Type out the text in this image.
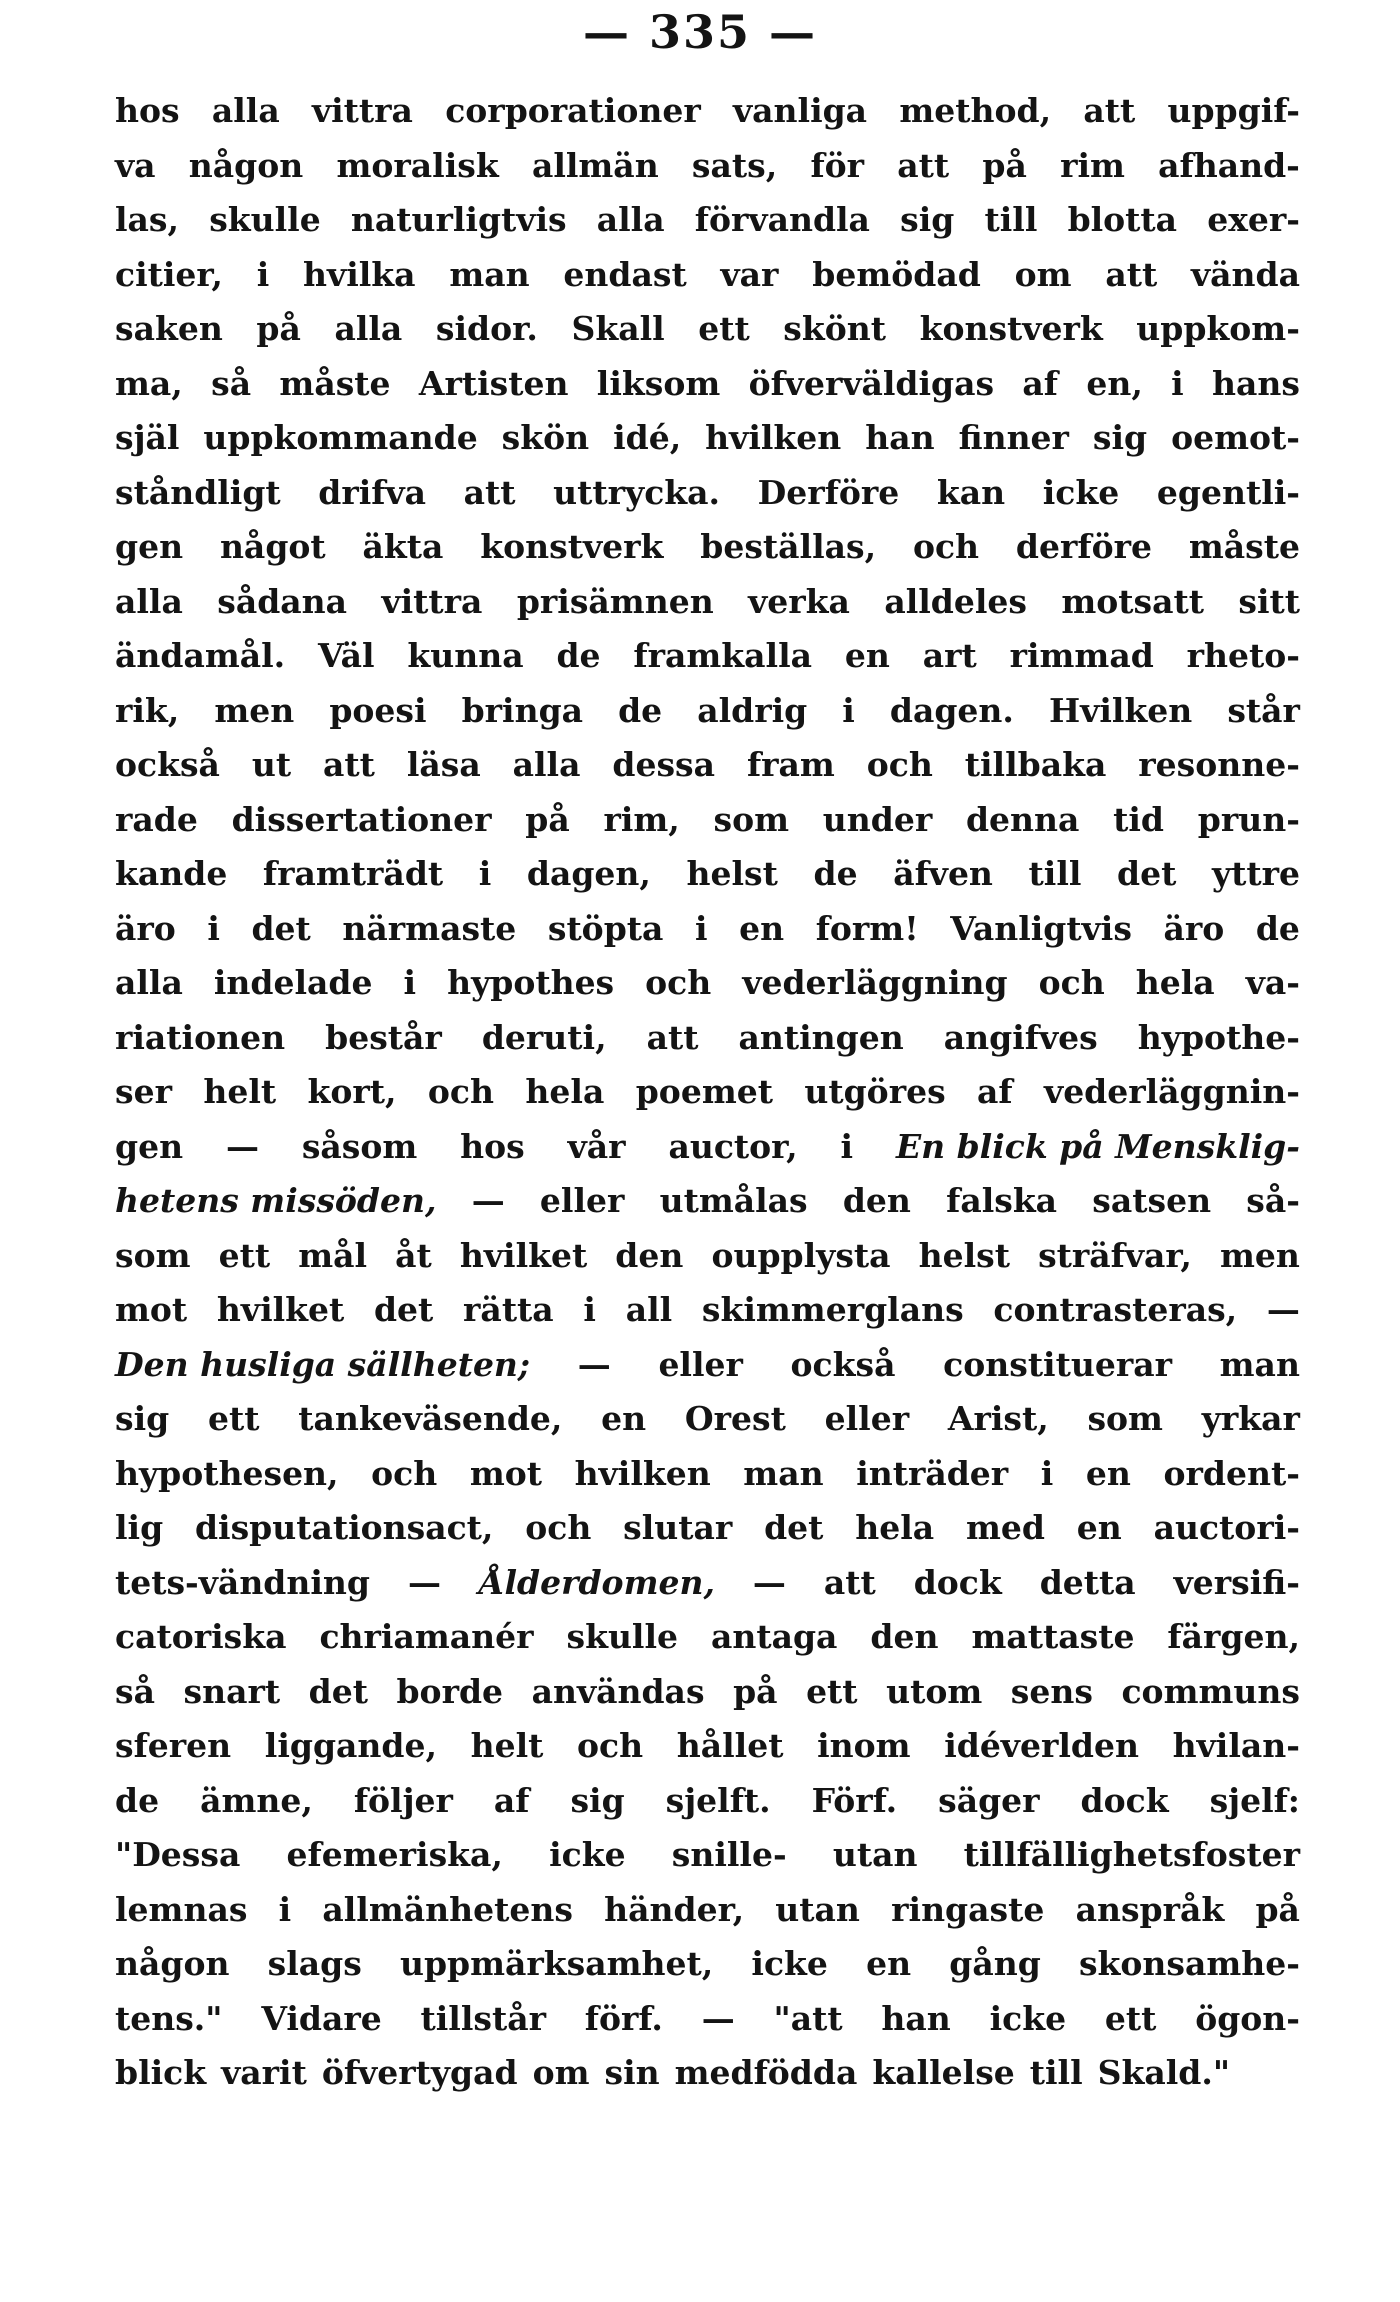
— 335 —
hos alla vittra corporationer vanliga method, att uppgif-
va någon moralisk allmän sats, för att på rim afhand-
las, skulle naturligtvis alla förvandla sig till blotta exer-
citier, i hvilka man endast var bemödad om att vända
saken på alla sidor. Skall ett skönt konstverk uppkom-
ma, så måste Artisten liksom öfverväldigas af en, i hans
själ uppkommande skön idé, hvilken han finner sig oemot-
ståndligt drifva att uttrycka. Derföre kan icke egentli-
gen något äkta konstverk beställas, och derföre måste
alla sådana vittra prisämnen verka alldeles motsatt sitt
ändamål. Väl kunna de framkalla en art rimmad rheto-
rik, men poesi bringa de aldrig i dagen. Hvilken står
också ut att läsa alla dessa fram och tillbaka resonne-
rade dissertationer på rim, som under denna tid prun-
kande framträdt i dagen, helst de äfven till det yttre
äro i det närmaste stöpta i en form! Vanligtvis äro de
alla indelade i hypothes och vederläggning och hela va-
riationen består deruti, att antingen angifves hypothe-
ser helt kort, och hela poemet utgöres af vederläggnin-
gen — såsom hos vår auctor, i En blick på Mensklig-
hetens missöden, — eller utmålas den falska satsen så-
som ett mål åt hvilket den oupplysta helst sträfvar, men
mot hvilket det rätta i all skimmerglans contrasteras, —
Den husliga sällheten; — eller också constituerar man
sig ett tankeväsende, en Orest eller Arist, som yrkar
hypothesen, och mot hvilken man inträder i en ordent-
lig disputationsact, och slutar det hela med en auctori-
tets-vändning — Ålderdomen, — att dock detta versifi-
catoriska chriamanér skulle antaga den mattaste färgen,
så snart det borde användas på ett utom sens communs
sferen liggande, helt och hållet inom idéverlden hvilan-
de ämne, följer af sig sjelft. Förf. säger dock sjelf:
"Dessa efemeriska, icke snille- utan tillfällighetsfoster
lemnas i allmänhetens händer, utan ringaste anspråk på
någon slags uppmärksamhet, icke en gång skonsamhe-
tens." Vidare tillstår förf. — "att han icke ett ögon-
blick varit öfvertygad om sin medfödda kallelse till Skald."
